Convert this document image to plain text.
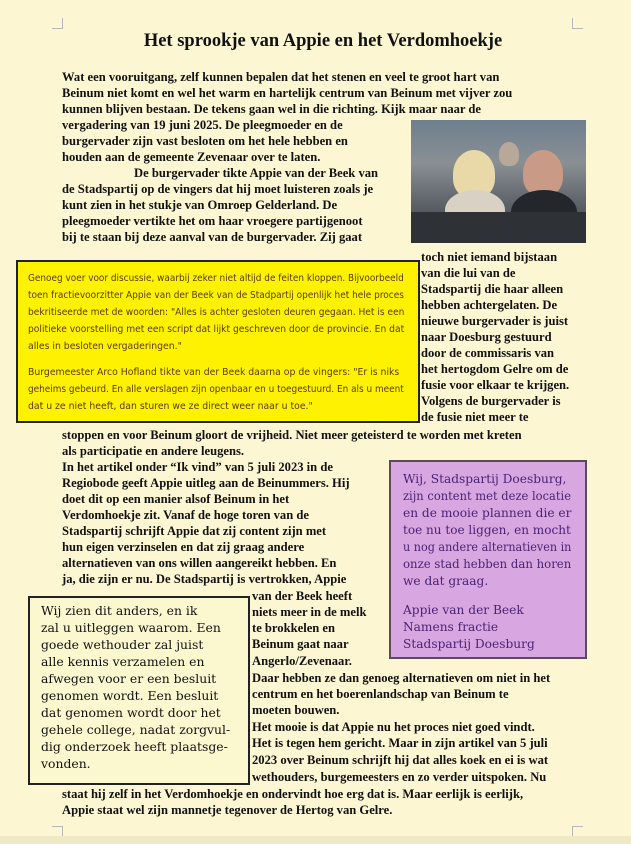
Het sprookje van Appie en het Verdomhoekje
Wat een vooruitgang, zelf kunnen bepalen dat het stenen en veel te groot hart van
Beinum niet komt en wel het warm en hartelijk centrum van Beinum met vijver zou
kunnen blijven bestaan. De tekens gaan wel in die richting. Kijk maar naar de
vergadering van 19 juni 2025. De pleegmoeder en de
burgervader zijn vast besloten om het hele hebben en
houden aan de gemeente Zevenaar over te laten.
De burgervader tikte Appie van der Beek van
de Stadspartij op de vingers dat hij moet luisteren zoals je
kunt zien in het stukje van Omroep Gelderland. De
pleegmoeder vertikte het om haar vroegere partijgenoot
bij te staan bij deze aanval van de burgervader. Zij gaat
toch niet iemand bijstaan
van die lui van de
Stadspartij die haar alleen
hebben achtergelaten. De
nieuwe burgervader is juist
naar Doesburg gestuurd
door de commissaris van
het hertogdom Gelre om de
fusie voor elkaar te krijgen.
Volgens de burgervader is
de fusie niet meer te
stoppen en voor Beinum gloort de vrijheid. Niet meer geteisterd te worden met kreten
als participatie en andere leugens.
In het artikel onder “Ik vind” van 5 juli 2023 in de
Regiobode geeft Appie uitleg aan de Beinummers. Hij
doet dit op een manier alsof Beinum in het
Verdomhoekje zit. Vanaf de hoge toren van de
Stadspartij schrijft Appie dat zij content zijn met
hun eigen verzinselen en dat zij graag andere
alternatieven van ons willen aangereikt hebben. En
ja, die zijn er nu. De Stadspartij is vertrokken, Appie
van der Beek heeft
niets meer in de melk
te brokkelen en
Beinum gaat naar
Angerlo/Zevenaar.
Daar hebben ze dan genoeg alternatieven om niet in het
centrum en het boerenlandschap van Beinum te
moeten bouwen.
Het mooie is dat Appie nu het proces niet goed vindt.
Het is tegen hem gericht. Maar in zijn artikel van 5 juli
2023 over Beinum schrijft hij dat alles koek en ei is wat
wethouders, burgemeesters en zo verder uitspoken. Nu
staat hij zelf in het Verdomhoekje en ondervindt hoe erg dat is. Maar eerlijk is eerlijk,
Appie staat wel zijn mannetje tegenover de Hertog van Gelre.
Genoeg voer voor discussie, waarbij zeker niet altijd de feiten kloppen. Bijvoorbeeld
toen fractievoorzitter Appie van der Beek van de Stadpartij openlijk het hele proces
bekritiseerde met de woorden: "Alles is achter gesloten deuren gegaan. Het is een
politieke voorstelling met een script dat lijkt geschreven door de provincie. En dat
alles in besloten vergaderingen."
Burgemeester Arco Hofland tikte van der Beek daarna op de vingers: "Er is niks
geheims gebeurd. En alle verslagen zijn openbaar en u toegestuurd. En als u meent
dat u ze niet heeft, dan sturen we ze direct weer naar u toe."
Wij, Stadspartij Doesburg,
zijn content met deze locatie
en de mooie plannen die er
toe nu toe liggen, en mocht
u nog andere alternatieven in
onze stad hebben dan horen
we dat graag.
Appie van der Beek
Namens fractie
Stadspartij Doesburg
Wij zien dit anders, en ik
zal u uitleggen waarom. Een
goede wethouder zal juist
alle kennis verzamelen en
afwegen voor er een besluit
genomen wordt. Een besluit
dat genomen wordt door het
gehele college, nadat zorgvul-
dig onderzoek heeft plaatsge-
vonden.
